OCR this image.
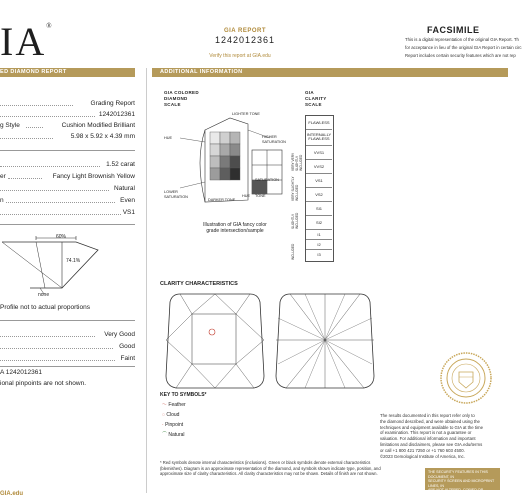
IA®
GIA REPORT
1242012361
Verify this report at GIA.edu
FACSIMILE
This is a digital representation of the original GIA Report. Th
for acceptance in lieu of the original GIA Report in certain circ
Report includes certain security features which are not rep
ED DIAMOND REPORT	ADDITIONAL INFORMATION
Grading Report
1242012361
g Style	Cushion Modified Brilliant
5.98 x 5.92 x 4.39 mm
1.52 carat
er	Fancy Light Brownish Yellow
Natural
n	Even
VS1
60%
74.1%
none
Profile not to actual proportions
Very Good
Good
Faint
A 1242012361
ional pinpoints are not shown.
GIA.edu
GIA COLORED
DIAMOND
SCALE
LIGHTER TONE
HUE	HIGHER SATURATION
LOWER SATURATION
DARKER TONE
SATURATION
TONE
HUE
Illustration of GIA fancy color
grade intersection/sample
GIA
CLARITY
SCALE
FLAWLESS
INTERNALLY FLAWLESS
VVS1
VVS2
VS1
VS2
SI1
SI2
I1
I2
I3
VERY VERY SLIGHTLY INCLUDED
VERY SLIGHTLY INCLUDED
SLIGHTLY INCLUDED
INCLUDED
CLARITY CHARACTERISTICS
KEY TO SYMBOLS*
〜 Feather
◌ Cloud
· Pinpoint
⌒ Natural
* Red symbols denote internal characteristics (inclusions). Green or black symbols denote external characteristics
(blemishes). Diagram is an approximate representation of the diamond, and symbols shown indicate type, position, and
approximate size of clarity characteristics. All clarity characteristics may not be shown. Details of finish are not shown.
The results documented in this report refer only to
the diamond described, and were obtained using the
techniques and equipment available to GIA at the time
of examination. This report is not a guarantee or
valuation. For additional information and important
limitations and disclaimers, please see GIA.edu/terms
or call +1 800 421 7250 or +1 760 603 4500.
©2023 Gemological Institute of America, Inc.
THE SECURITY FEATURES IN THIS DOCUMENT, IN
SECURITY SCREEN AND MICROPRINT LINES, IN
ARE NOT ALTERED, COPIED OR VISIBLY ALTERED
